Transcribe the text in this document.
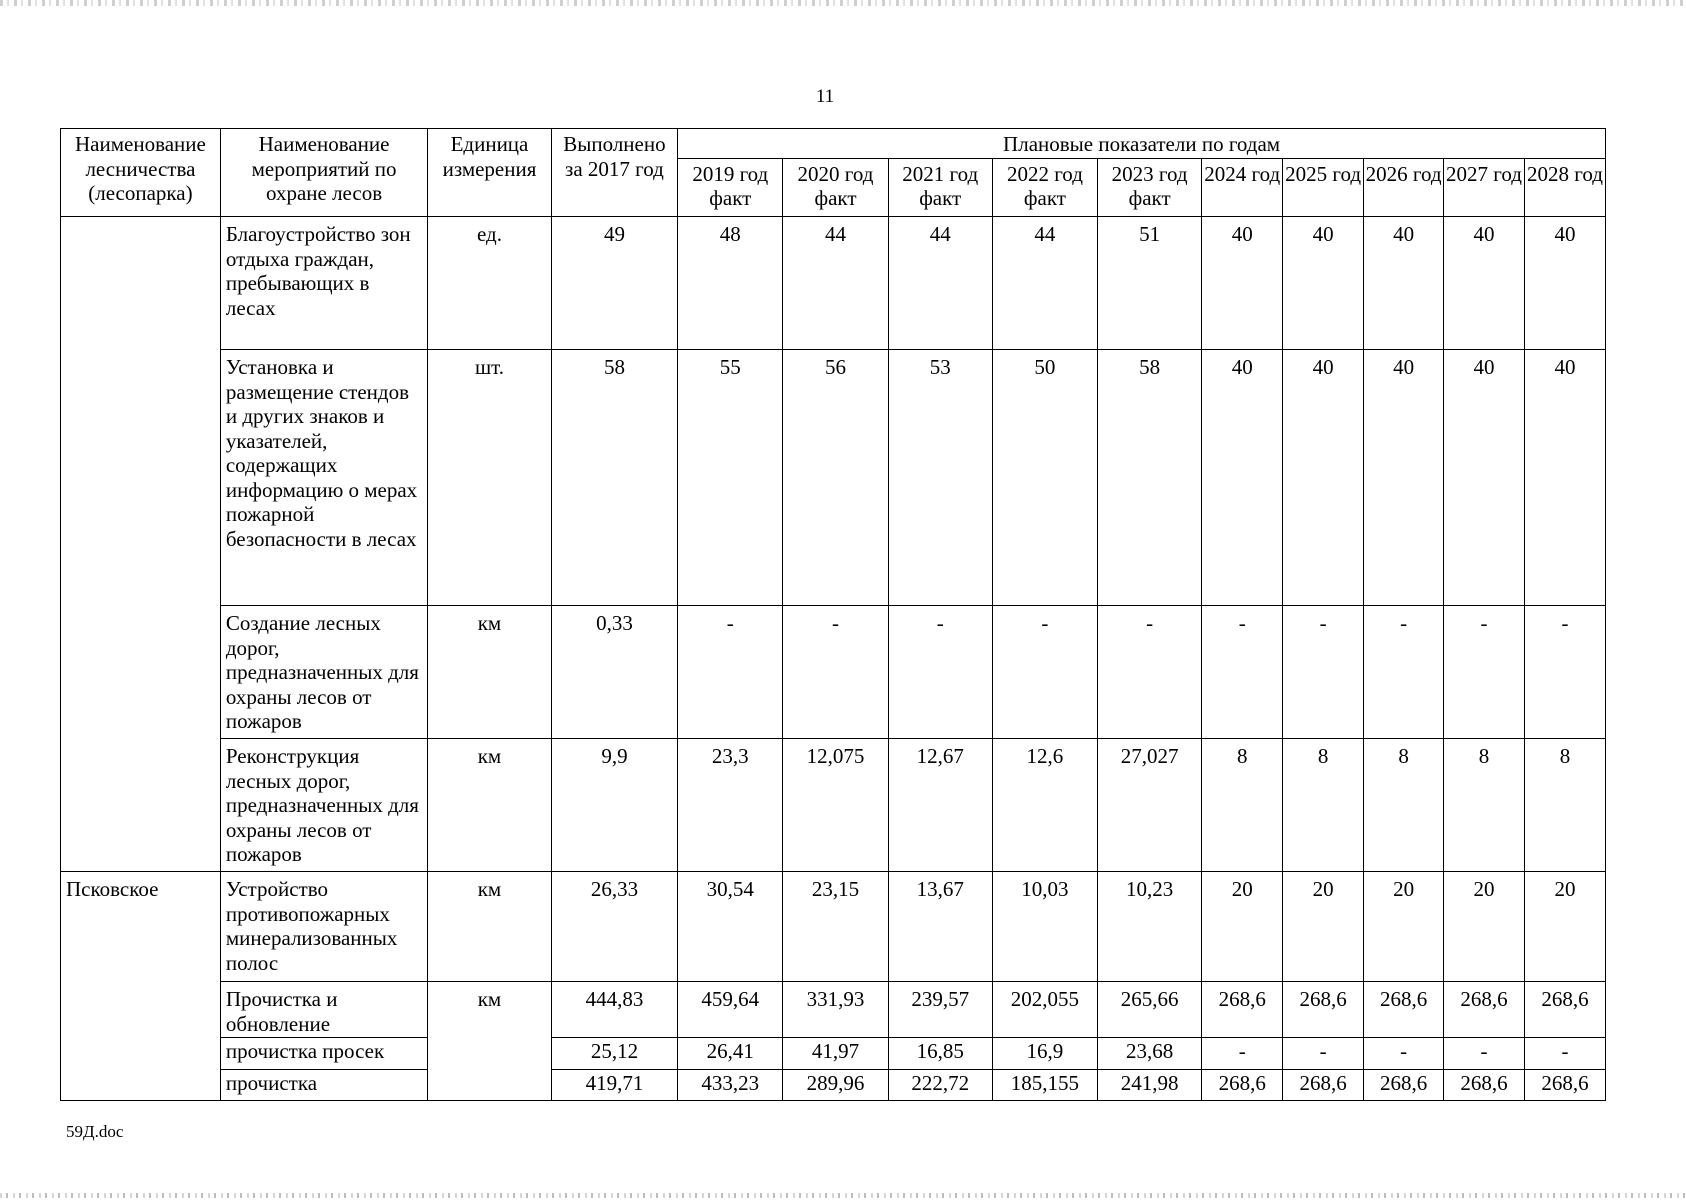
11
Наименование лесничества (лесопарка)	Наименование мероприятий по охране лесов	Единица измерения	Выполнено за 2017 год	Плановые показатели по годам									
				2019 год факт	2020 год факт	2021 год факт	2022 год факт	2023 год факт	2024 год	2025 год	2026 год	2027 год	2028 год
	Благоустройство зон отдыха граждан, пребывающих в лесах	ед.	49	48	44	44	44	51	40	40	40	40	40
	Установка и размещение стендов и других знаков и указателей, содержащих информацию о мерах пожарной безопасности в лесах	шт.	58	55	56	53	50	58	40	40	40	40	40
	Создание лесных дорог, предназначенных для охраны лесов от пожаров	км	0,33	-	-	-	-	-	-	-	-	-	-
	Реконструкция лесных дорог, предназначенных для охраны лесов от пожаров	км	9,9	23,3	12,075	12,67	12,6	27,027	8	8	8	8	8
Псковское	Устройство противопожарных минерализованных полос	км	26,33	30,54	23,15	13,67	10,03	10,23	20	20	20	20	20
	Прочистка и обновление	км	444,83	459,64	331,93	239,57	202,055	265,66	268,6	268,6	268,6	268,6	268,6
	прочистка просек		25,12	26,41	41,97	16,85	16,9	23,68	-	-	-	-	-
	прочистка		419,71	433,23	289,96	222,72	185,155	241,98	268,6	268,6	268,6	268,6	268,6
59Д.doc
